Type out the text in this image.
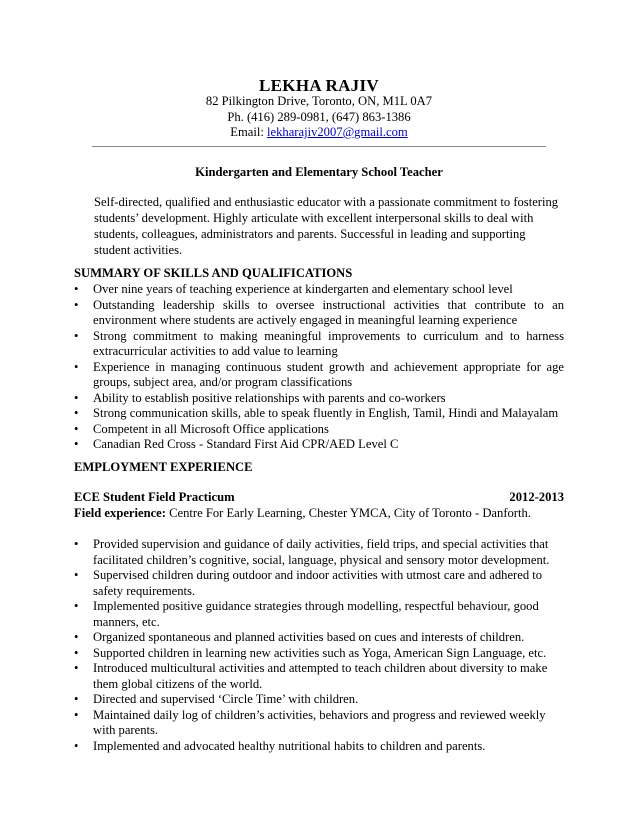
LEKHA RAJIV
82 Pilkington Drive, Toronto, ON, M1L 0A7
Ph. (416) 289-0981, (647) 863-1386
Email: lekharajiv2007@gmail.com
Kindergarten and Elementary School Teacher
Self-directed, qualified and enthusiastic educator with a passionate commitment to fostering students’ development. Highly articulate with excellent interpersonal skills to deal with students, colleagues, administrators and parents. Successful in leading and supporting student activities.
SUMMARY OF SKILLS AND QUALIFICATIONS
• Over nine years of teaching experience at kindergarten and elementary school level
• Outstanding leadership skills to oversee instructional activities that contribute to an environment where students are actively engaged in meaningful learning experience
• Strong commitment to making meaningful improvements to curriculum and to harness extracurricular activities to add value to learning
• Experience in managing continuous student growth and achievement appropriate for age groups, subject area, and/or program classifications
• Ability to establish positive relationships with parents and co-workers
• Strong communication skills, able to speak fluently in English, Tamil, Hindi and Malayalam
• Competent in all Microsoft Office applications
• Canadian Red Cross - Standard First Aid CPR/AED Level C
EMPLOYMENT EXPERIENCE
ECE Student Field Practicum	2012-2013
Field experience: Centre For Early Learning, Chester YMCA, City of Toronto - Danforth.
• Provided supervision and guidance of daily activities, field trips, and special activities that facilitated children’s cognitive, social, language, physical and sensory motor development.
• Supervised children during outdoor and indoor activities with utmost care and adhered to safety requirements.
• Implemented positive guidance strategies through modelling, respectful behaviour, good manners, etc.
• Organized spontaneous and planned activities based on cues and interests of children.
• Supported children in learning new activities such as Yoga, American Sign Language, etc.
• Introduced multicultural activities and attempted to teach children about diversity to make them global citizens of the world.
• Directed and supervised ‘Circle Time’ with children.
• Maintained daily log of children’s activities, behaviors and progress and reviewed weekly with parents.
• Implemented and advocated healthy nutritional habits to children and parents.
